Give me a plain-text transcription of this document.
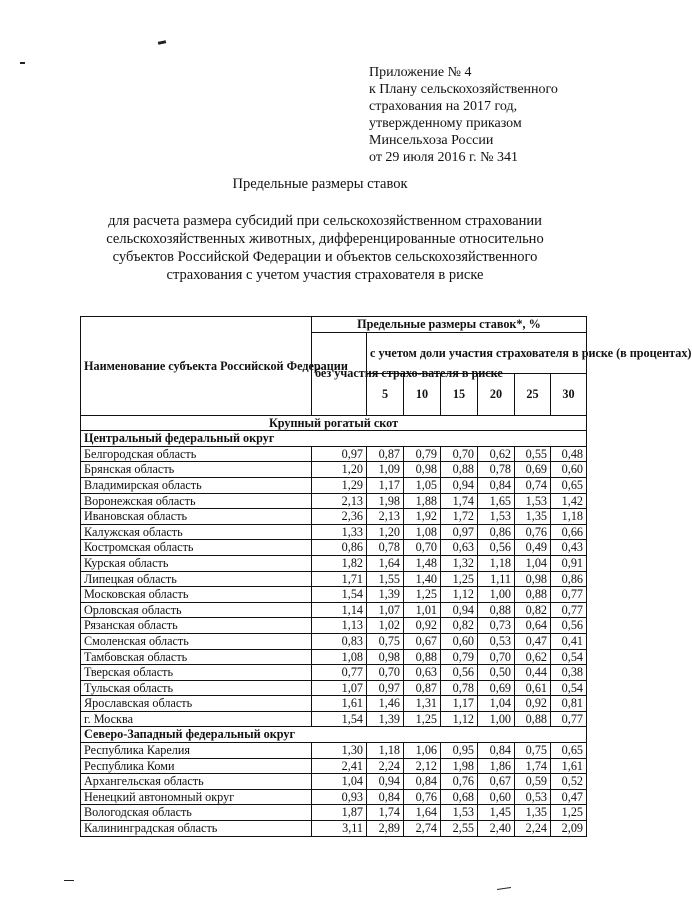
Приложение № 4
к Плану сельскохозяйственного
страхования на 2017 год,
утвержденному приказом
Минсельхоза России
от 29 июля 2016 г. № 341
Предельные размеры ставок
для расчета размера субсидий при сельскохозяйственном страховании
сельскохозяйственных животных, дифференцированные относительно
субъектов Российской Федерации и объектов сельскохозяйственного
страхования с учетом участия страхователя в риске
Наименование субъекта Российской Федерации	Предельные размеры ставок*, %						
	без участия страхо-вателя в риске	с учетом доли участия страхователя в риске (в процентах)					
		5	10	15	20	25	30
Крупный рогатый скот							
Центральный федеральный округ							
Белгородская область	0,97	0,87	0,79	0,70	0,62	0,55	0,48
Брянская область	1,20	1,09	0,98	0,88	0,78	0,69	0,60
Владимирская область	1,29	1,17	1,05	0,94	0,84	0,74	0,65
Воронежская область	2,13	1,98	1,88	1,74	1,65	1,53	1,42
Ивановская область	2,36	2,13	1,92	1,72	1,53	1,35	1,18
Калужская область	1,33	1,20	1,08	0,97	0,86	0,76	0,66
Костромская область	0,86	0,78	0,70	0,63	0,56	0,49	0,43
Курская область	1,82	1,64	1,48	1,32	1,18	1,04	0,91
Липецкая область	1,71	1,55	1,40	1,25	1,11	0,98	0,86
Московская область	1,54	1,39	1,25	1,12	1,00	0,88	0,77
Орловская область	1,14	1,07	1,01	0,94	0,88	0,82	0,77
Рязанская область	1,13	1,02	0,92	0,82	0,73	0,64	0,56
Смоленская область	0,83	0,75	0,67	0,60	0,53	0,47	0,41
Тамбовская область	1,08	0,98	0,88	0,79	0,70	0,62	0,54
Тверская область	0,77	0,70	0,63	0,56	0,50	0,44	0,38
Тульская область	1,07	0,97	0,87	0,78	0,69	0,61	0,54
Ярославская область	1,61	1,46	1,31	1,17	1,04	0,92	0,81
г. Москва	1,54	1,39	1,25	1,12	1,00	0,88	0,77
Северо-Западный федеральный округ							
Республика Карелия	1,30	1,18	1,06	0,95	0,84	0,75	0,65
Республика Коми	2,41	2,24	2,12	1,98	1,86	1,74	1,61
Архангельская область	1,04	0,94	0,84	0,76	0,67	0,59	0,52
Ненецкий автономный округ	0,93	0,84	0,76	0,68	0,60	0,53	0,47
Вологодская область	1,87	1,74	1,64	1,53	1,45	1,35	1,25
Калининградская область	3,11	2,89	2,74	2,55	2,40	2,24	2,09
